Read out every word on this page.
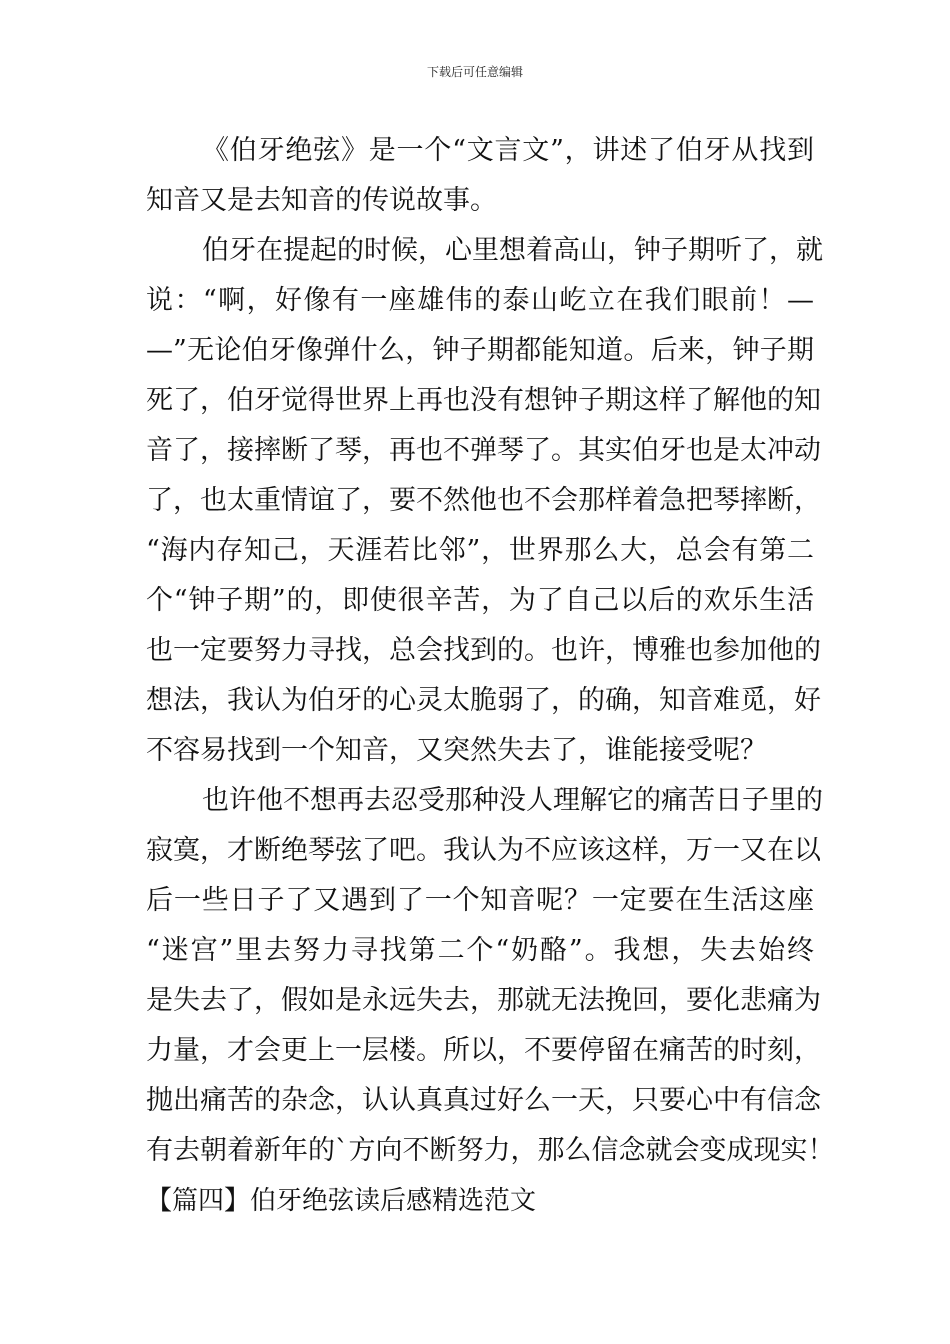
下载后可任意编辑
《伯牙绝弦》是一个“文言文”，讲述了伯牙从找到
知音又是去知音的传说故事。
伯牙在提起的时候，心里想着高山，钟子期听了，就
说：“啊，好像有一座雄伟的泰山屹立在我们眼前！—
—”无论伯牙像弹什么，钟子期都能知道。后来，钟子期
死了，伯牙觉得世界上再也没有想钟子期这样了解他的知
音了，接摔断了琴，再也不弹琴了。其实伯牙也是太冲动
了，也太重情谊了，要不然他也不会那样着急把琴摔断，
“海内存知己，天涯若比邻”，世界那么大，总会有第二
个“钟子期”的，即使很辛苦，为了自己以后的欢乐生活
也一定要努力寻找，总会找到的。也许，博雅也参加他的
想法，我认为伯牙的心灵太脆弱了，的确，知音难觅，好
不容易找到一个知音，又突然失去了，谁能接受呢？
也许他不想再去忍受那种没人理解它的痛苦日子里的
寂寞，才断绝琴弦了吧。我认为不应该这样，万一又在以
后一些日子了又遇到了一个知音呢？一定要在生活这座
“迷宫”里去努力寻找第二个“奶酪”。我想，失去始终
是失去了，假如是永远失去，那就无法挽回，要化悲痛为
力量，才会更上一层楼。所以，不要停留在痛苦的时刻，
抛出痛苦的杂念，认认真真过好么一天，只要心中有信念
有去朝着新年的`方向不断努力，那么信念就会变成现实！
【篇四】伯牙绝弦读后感精选范文
